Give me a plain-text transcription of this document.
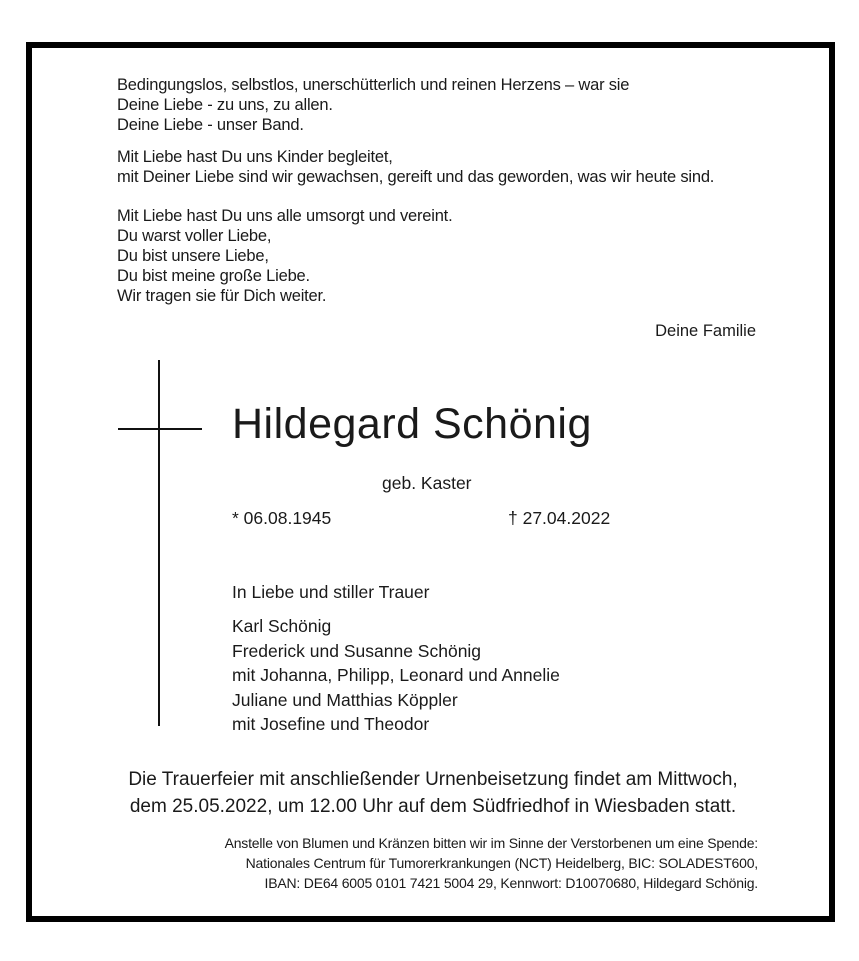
Bedingungslos, selbstlos, unerschütterlich und reinen Herzens – war sie
Deine Liebe - zu uns, zu allen.
Deine Liebe - unser Band.
Mit Liebe hast Du uns Kinder begleitet,
mit Deiner Liebe sind wir gewachsen, gereift und das geworden, was wir heute sind.
Mit Liebe hast Du uns alle umsorgt und vereint.
Du warst voller Liebe,
Du bist unsere Liebe,
Du bist meine große Liebe.
Wir tragen sie für Dich weiter.
Deine Familie
Hildegard Schönig
geb. Kaster
* 06.08.1945	† 27.04.2022
In Liebe und stiller Trauer
Karl Schönig
Frederick und Susanne Schönig
mit Johanna, Philipp, Leonard und Annelie
Juliane und Matthias Köppler
mit Josefine und Theodor
Die Trauerfeier mit anschließender Urnenbeisetzung findet am Mittwoch,
dem 25.05.2022, um 12.00 Uhr auf dem Südfriedhof in Wiesbaden statt.
Anstelle von Blumen und Kränzen bitten wir im Sinne der Verstorbenen um eine Spende:
Nationales Centrum für Tumorerkrankungen (NCT) Heidelberg, BIC: SOLADEST600,
IBAN: DE64 6005 0101 7421 5004 29, Kennwort: D10070680, Hildegard Schönig.
